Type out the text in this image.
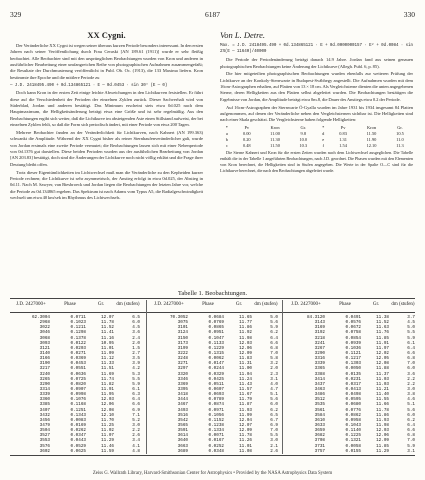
329	6187	330
XX Cygni.

Der Veränderliche XX Cygni ist wegen seiner überaus kurzen Periode besonders interessant. In den ersten Jahren nach seiner Veröffentlichung durch Frau Ceraski [AN 189.61 (1911)] wurde er sehr fleißig beobachtet. Alle Beobachter sind mit den ursprünglichen Beobachtungen wurden von Kron und anderen in ausführlicher Bearbeitung einer umfangreichen Reihe von photographischen Aufnahmen zusammengefaßt; die Resultate der Durchmusterung veröffentlicht in Publ. Ob. Oc. (1913), die 133 Maxima liefern. Kron bestimmte ihre Epoche und die mittlere Periode zu

— J.D. 2418495.490 + 0d.134865121 · E — 0d.0453 · sin 30° (E — 0)

Doch kann Kron in der ersten Zeit einige leichte Abweichungen in den Lichtkurven feststellen. Er führt diese auf die Verschiedenheit der Perioden der einzelnen Zyklen zurück. Dieser Sachverhalt wird von Süderblad, Jordan und anderen bestätigt. Das Minimum erscheint stets etwa 0d.025 nach dem Hauptmaximum, die Helligkeitsänderung beträgt etwa eine Größe und ist sehr regelmäßig. Aus den Beobachtungen ergibt sich weiter, daß die Lichtkurve im absteigenden Aste einen Stillstand aufweist, der bei einzelnen Zyklen fehlt, so daß die Form sich periodisch ändert, mit einer Periode von etwa 200 Tagen.

Mehrere Beobachter fanden an der Veränderlichkeit für Lichtkurven, nach Kahnert (AN 199.363) schwankt die Amplitude. Während der XX Cygni bisher als reiner Sternhaufenveränderlicher galt, wurde von Jordan erstmals eine zweite Periode vermutet; die Beobachtungen lassen sich mit einer Nebenperiode von 0d.1376 gut darstellen. Diese beiden Perioden wurden aus der ausführlichen Bearbeitung von Jordan [AN 203.83] bestätigt, doch sind die Änderungen der Lichtkurve noch nicht völlig erklärt und die Frage ihrer Deutung bleibt offen.

Trotz dieser Eigentümlichkeiten im Lichtwechsel muß man die Veränderliche zu den Kepheiden kurzer Periode rechnen; die Lichtkurve ist sehr asymmetrisch, der Anstieg erfolgt in etwa 0d.025, der Abstieg in 0d.11. Nach M. Sawyer, van Biesbroeck und Jordan liegen die Beobachtungen der letzten Jahre vor, welche die Periode zu 0d.134865 ergeben. Das Spektrum ist nach Adams vom Typus A5, die Radialgeschwindigkeit wechselt um etwa 40 km/sek im Rhythmus des Lichtwechsels.

Von L. Detre.

Max. = J.D. 2418495.490 + 0d.134865121 · E + 0d.0000000157 · E² + 0d.0084 · sin 2π(E — 11640)/40000

Die Periode der Periodenänderung beträgt danach 14.9 Jahre. Jordan fand aus seinen genauen photographischen Beobachtungen keine Änderung der Lichtkurve (Allegh. Publ. 6, p. 85).

Die hier mitgeteilten photographischen Beobachtungen wurden ebenfalls zur weiteren Prüfung der Lichtkurve an der Konkoly-Sternwarte in Budapest-Svábhegy angestellt. Die Aufnahmen wurden mit dem 16cm-Astrographen erhalten, auf Platten von 13 × 18 cm. Als Vergleichsterne dienten die unten angegebenen Sterne, deren Helligkeiten aus den Platten selbst abgeleitet wurden. Die Beobachtungen bestätigen die Ergebnisse von Jordan, die Amplitude beträgt etwa 0m.8, die Dauer des Anstiegs etwa 0.2 der Periode.

Auf 16cm-Astrographen der Sternwarte Ó-Gyalla wurden im Jahre 1931 bis 1934 insgesamt 84 Platten aufgenommen, auf denen der Veränderliche neben den Vergleichsternen sichtbar ist. Die Helligkeiten sind nach einer Skala geschätzt. Die Vergleichsterne haben folgende Helligkeiten:

*	Pv	Kron	Gr.	*	Pv	Kron	Gr.
a	0.00	11.00	9.8	d	0.83	11.50	10.5
b	0.20	11.30	10.0	e	1.31	11.90	11.0
c	0.48	11.50	10.3	f	1.54	12.10	11.3

Die Sterne Kahnert und Kron für die ersten Zeiten wurden nach dem Lichtwechsel ausgeglichen. Die Tabelle enthält die in der Tabelle 1 angeführten Beobachtungen, nach J.D. geordnet. Die Phasen wurden mit den Elementen von Kron berechnet, die Helligkeiten sind in Stufen angegeben. Die Werte in der Spalte O—C sind für die Lichtkurve berechnet, die nach den Beobachtungen abgeleitet wurde.

Tabelle 1. Beobachtungen.
J.D. 2427000+	Phase	Gr.	dm (stufen)
62.3004	0.0711	12.07	6.5
2968	0.1023	11.78	6.0
3022	0.1211	11.52	4.5
3046	0.1298	11.41	3.6
3068	0.1378	11.16	2.4
3093	0.0122	10.95	2.0
3121	0.0203	11.01	1.5
3140	0.0271	11.09	2.7
3166	0.0369	11.12	3.5
3190	0.0453	11.33	3.9
3217	0.0551	11.51	4.2
3240	0.0636	11.69	5.3
3265	0.0725	11.74	5.5
3290	0.0820	11.82	5.9
3314	0.0907	11.91	6.1
3339	0.0998	11.95	6.3
3360	0.1076	12.03	6.4
3385	0.1168	12.06	6.6
3407	0.1251	12.08	6.9
3432	0.1343	12.10	7.1
3456	0.0083	11.70	5.2
3479	0.0169	11.25	3.0
3504	0.0262	11.02	2.2
3527	0.0347	11.07	2.6
3553	0.0443	11.29	3.4
3576	0.0529	11.46	4.1
3602	0.0625	11.59	4.8
J.D. 2427000+	Phase	Gr.	dm (stufen)
70.3052	0.0684	11.65	5.0
3075	0.0769	11.77	5.6
3101	0.0865	11.86	5.9
3124	0.0951	11.92	6.2
3150	0.1047	11.98	6.4
3173	0.1133	12.03	6.6
3199	0.1229	12.06	6.8
3222	0.1315	12.09	7.0
3248	0.0062	11.83	5.8
3271	0.0147	11.31	3.2
3297	0.0244	11.00	2.0
3320	0.0329	11.04	2.3
3346	0.0425	11.24	3.1
3369	0.0511	11.43	4.0
3395	0.0607	11.57	4.7
3418	0.0693	11.67	5.1
3444	0.0789	11.79	5.6
3467	0.0874	11.87	6.0
3493	0.0971	11.93	6.2
3516	0.1056	11.99	6.5
3542	0.1152	12.04	6.7
3565	0.1238	12.07	6.9
3591	0.1334	12.09	7.0
3614	0.0071	11.78	5.5
3640	0.0167	11.26	3.0
3663	0.0252	11.01	2.1
3689	0.0348	11.08	2.6
J.D. 2427000+	Phase	Gr.	dm (stufen)
84.3120	0.0491	11.38	3.7
3143	0.0576	11.52	4.5
3169	0.0672	11.63	5.0
3192	0.0758	11.76	5.5
3218	0.0854	11.85	5.9
3241	0.0939	11.91	6.1
3267	0.1036	11.97	6.4
3290	0.1121	12.02	6.6
3316	0.1217	12.05	6.8
3339	0.1303	12.08	7.0
3365	0.0050	11.88	6.0
3388	0.0135	11.37	3.6
3414	0.0231	11.03	2.2
3437	0.0317	11.03	2.2
3463	0.0413	11.21	3.0
3486	0.0498	11.40	3.8
3512	0.0595	11.55	4.6
3535	0.0680	11.66	5.1
3561	0.0776	11.78	5.6
3584	0.0862	11.86	6.0
3610	0.0958	11.93	6.2
3633	0.1043	11.98	6.4
3659	0.1140	12.03	6.6
3682	0.1225	12.06	6.8
3708	0.1321	12.09	7.0
3731	0.0058	11.85	5.9
3757	0.0155	11.29	3.1
Zeiss G. Wallrath Library, Harvard-Smithsonian Center for Astrophysics • Provided by the NASA Astrophysics Data System
